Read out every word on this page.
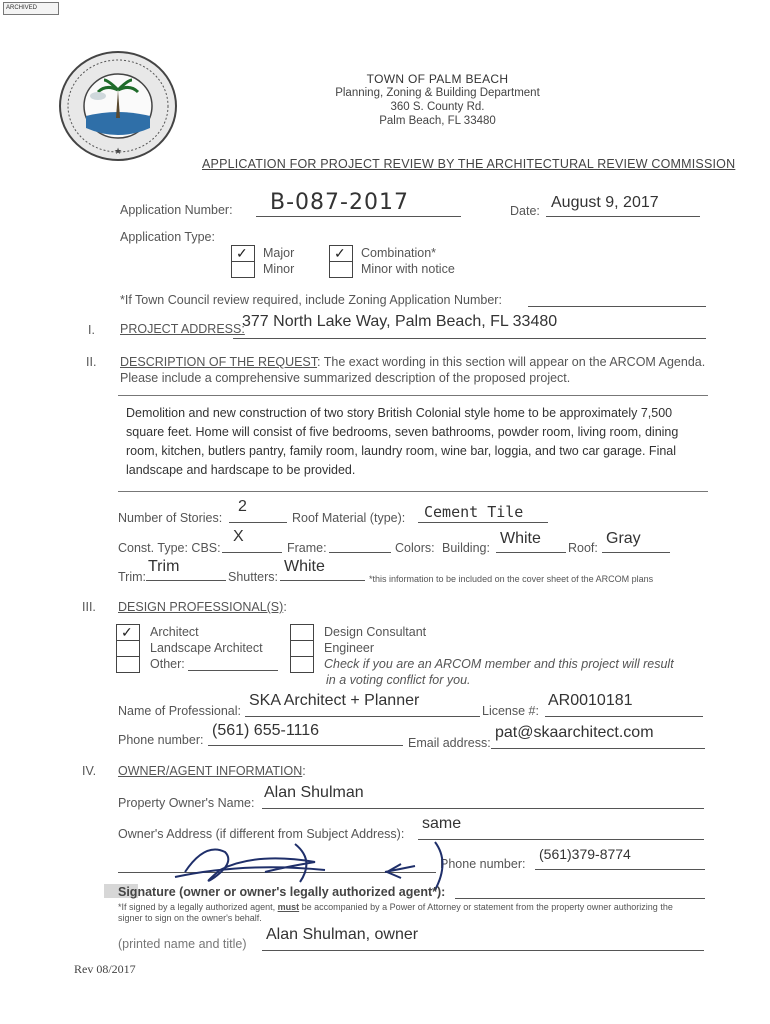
ARCHIVED
★
TOWN OF PALM BEACH
Planning, Zoning & Building Department
360 S. County Rd.
Palm Beach, FL 33480
APPLICATION FOR PROJECT REVIEW BY THE ARCHITECTURAL REVIEW COMMISSION
Application Number: B-087-2017	Date: August 9, 2017
Application Type:
✓ Major
Minor
✓ Combination*
Minor with notice
*If Town Council review required, include Zoning Application Number:
I. PROJECT ADDRESS:
377 North Lake Way, Palm Beach, FL 33480
II. DESCRIPTION OF THE REQUEST: The exact wording in this section will appear on the ARCOM Agenda.
Please include a comprehensive summarized description of the proposed project.
Demolition and new construction of two story British Colonial style home to be approximately 7,500 square feet. Home will consist of five bedrooms, seven bathrooms, powder room, living room, dining room, kitchen, butlers pantry, family room, laundry room, wine bar, loggia, and two car garage. Final landscape and hardscape to be provided.
Number of Stories:
2
Roof Material (type): Cement Tile
Const. Type: CBS:
X
Frame:	Colors: Building:
White
Roof:
Gray
Trim:
Trim
Shutters:
White
*this information to be included on the cover sheet of the ARCOM plans
III. DESIGN PROFESSIONAL(S):
✓ Architect
Landscape Architect
Other:
Design Consultant
Engineer
Check if you are an ARCOM member and this project will result
in a voting conflict for you.
Name of Professional:
SKA Architect + Planner
License #:
AR0010181
Phone number:
(561) 655-1116
Email address:
pat@skaarchitect.com
IV. OWNER/AGENT INFORMATION:
Property Owner's Name:
Alan Shulman
Owner's Address (if different from Subject Address):
same
Phone number:
(561)379-8774
Signature (owner or owner's legally authorized agent*):
*If signed by a legally authorized agent, must be accompanied by a Power of Attorney or statement from the property owner authorizing the
signer to sign on the owner's behalf.
(printed name and title)
Alan Shulman, owner
Rev 08/2017
